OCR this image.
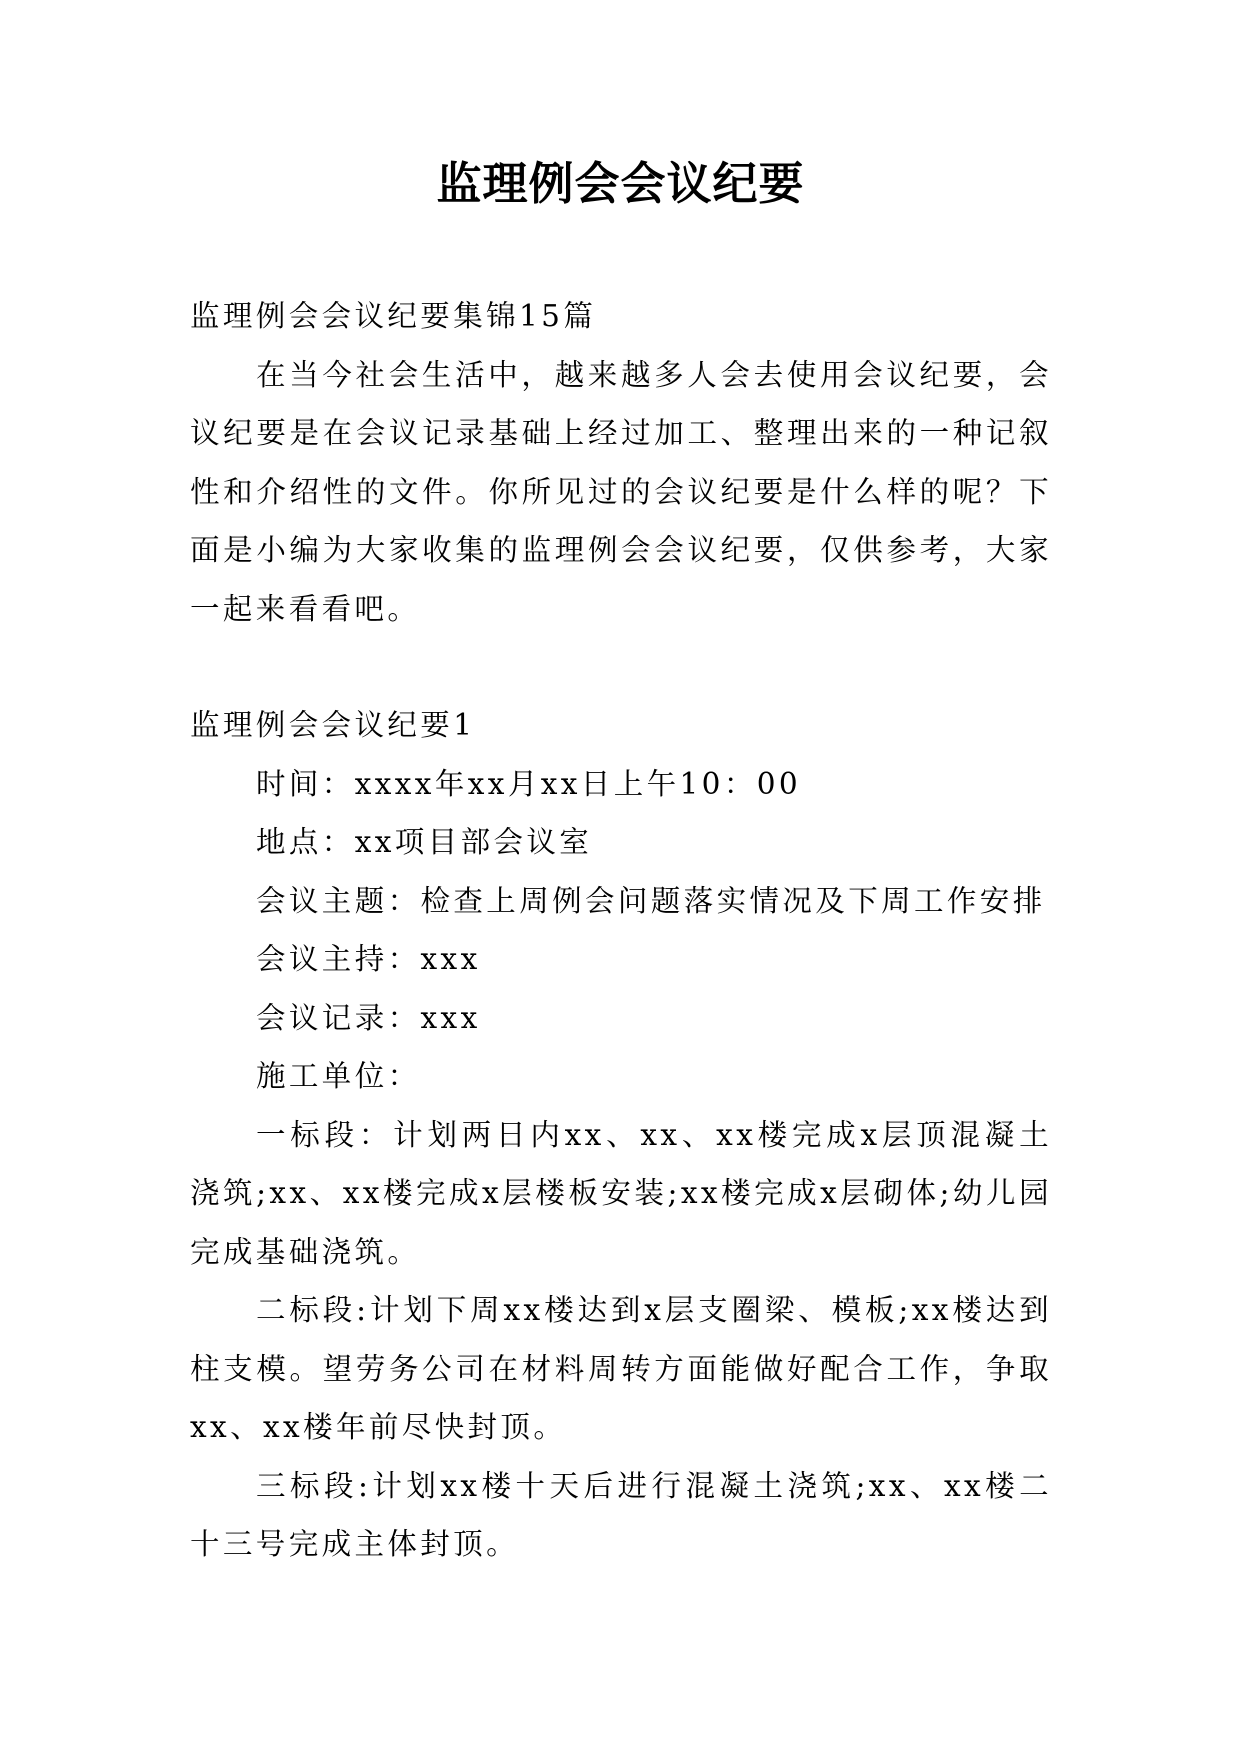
监理例会会议纪要

监理例会会议纪要集锦15篇

在当今社会生活中，越来越多人会去使用会议纪要，会议纪要是在会议记录基础上经过加工、整理出来的一种记叙性和介绍性的文件。你所见过的会议纪要是什么样的呢？下面是小编为大家收集的监理例会会议纪要，仅供参考，大家一起来看看吧。

监理例会会议纪要1

时间：xxxx年xx月xx日上午10：00

地点：xx项目部会议室

会议主题：检查上周例会问题落实情况及下周工作安排

会议主持：xxx

会议记录：xxx

施工单位：

一标段：计划两日内xx、xx、xx楼完成x层顶混凝土浇筑;xx、xx楼完成x层楼板安装;xx楼完成x层砌体;幼儿园完成基础浇筑。

二标段:计划下周xx楼达到x层支圈梁、模板;xx楼达到柱支模。望劳务公司在材料周转方面能做好配合工作，争取xx、xx楼年前尽快封顶。

三标段:计划xx楼十天后进行混凝土浇筑;xx、xx楼二十三号完成主体封顶。
